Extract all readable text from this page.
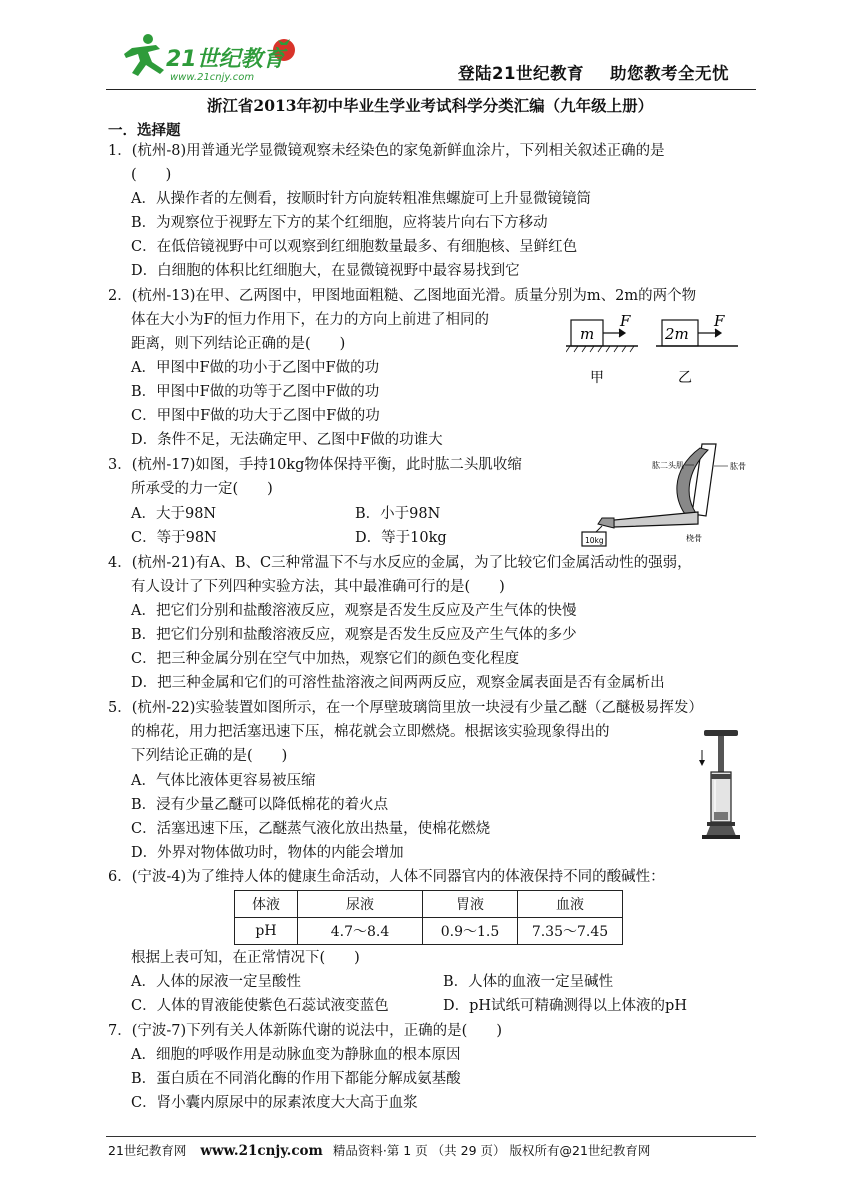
21世纪教育
www.21cnjy.com	登陆21世纪教育 助您教考全无忧
浙江省2013年初中毕业生学业考试科学分类汇编（九年级上册）
一．选择题
1．(杭州-8)用普通光学显微镜观察未经染色的家兔新鲜血涂片，下列相关叙述正确的是
(　　)
A．从操作者的左侧看，按顺时针方向旋转粗准焦螺旋可上升显微镜镜筒
B．为观察位于视野左下方的某个红细胞，应将装片向右下方移动
C．在低倍镜视野中可以观察到红细胞数量最多、有细胞核、呈鲜红色
D．白细胞的体积比红细胞大，在显微镜视野中最容易找到它
2．(杭州-13)在甲、乙两图中，甲图地面粗糙、乙图地面光滑。质量分别为m、2m的两个物
体在大小为F的恒力作用下，在力的方向上前进了相同的
距离，则下列结论正确的是(　　)
A．甲图中F做的功小于乙图中F做的功
B．甲图中F做的功等于乙图中F做的功
C．甲图中F做的功大于乙图中F做的功
D．条件不足，无法确定甲、乙图中F做的功谁大
m
F
2m
F
甲	乙
3．(杭州-17)如图，手持10kg物体保持平衡，此时肱二头肌收缩
所承受的力一定(　　)
A．大于98N	B．小于98N
C．等于98N	D．等于10kg	10kg
肱二头肌	肱骨
桡骨
4．(杭州-21)有A、B、C三种常温下不与水反应的金属，为了比较它们金属活动性的强弱，
有人设计了下列四种实验方法，其中最准确可行的是(　　)
A．把它们分别和盐酸溶液反应，观察是否发生反应及产生气体的快慢
B．把它们分别和盐酸溶液反应，观察是否发生反应及产生气体的多少
C．把三种金属分别在空气中加热，观察它们的颜色变化程度
D．把三种金属和它们的可溶性盐溶液之间两两反应，观察金属表面是否有金属析出
5．(杭州-22)实验装置如图所示，在一个厚壁玻璃筒里放一块浸有少量乙醚（乙醚极易挥发）
的棉花，用力把活塞迅速下压，棉花就会立即燃烧。根据该实验现象得出的
下列结论正确的是(　　)
A．气体比液体更容易被压缩
B．浸有少量乙醚可以降低棉花的着火点
C．活塞迅速下压，乙醚蒸气液化放出热量，使棉花燃烧
D．外界对物体做功时，物体的内能会增加
6．(宁波-4)为了维持人体的健康生命活动，人体不同器官内的体液保持不同的酸碱性：
体液	尿液	胃液	血液
pH	4.7～8.4	0.9～1.5	7.35～7.45
根据上表可知，在正常情况下(　　)
A．人体的尿液一定呈酸性	B．人体的血液一定呈碱性
C．人体的胃液能使紫色石蕊试液变蓝色	D．pH试纸可精确测得以上体液的pH
7．(宁波-7)下列有关人体新陈代谢的说法中，正确的是(　　)
A．细胞的呼吸作用是动脉血变为静脉血的根本原因
B．蛋白质在不同消化酶的作用下都能分解成氨基酸
C．肾小囊内原尿中的尿素浓度大大高于血浆
21世纪教育网 www.21cnjy.com 精品资料·第 1 页 （共 29 页） 版权所有@21世纪教育网
